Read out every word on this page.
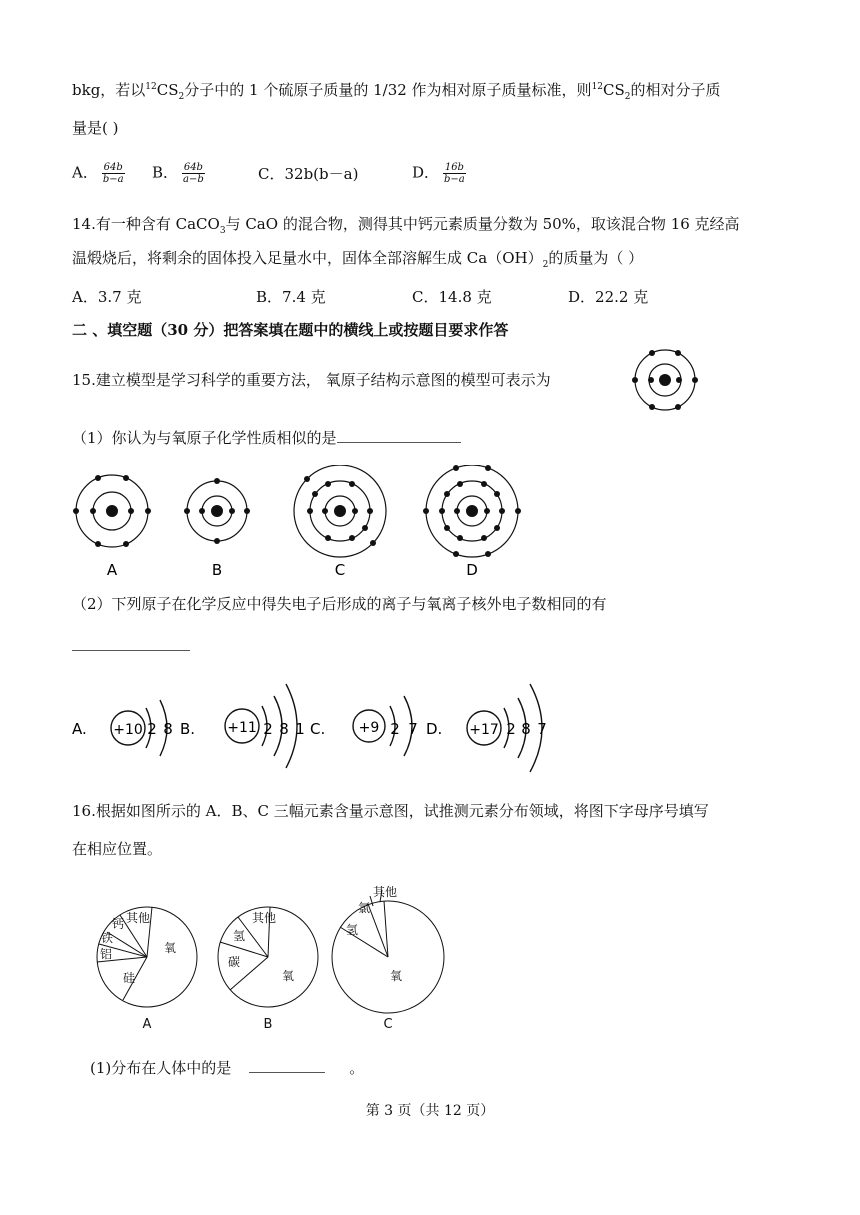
bkg，若以$^{12}CS_2$分子中的 1 个硫原子质量的 1/32 作为相对原子质量标准，则$^{12}CS_2$的相对分子质
量是( )
A． $\frac{64b}{b-a}$ B． $\frac{64b}{a-b}$	C．32b(b－a)	D． $\frac{16b}{b-a}$
14.有一种含有 CaCO$_3$与 CaO 的混合物，测得其中钙元素质量分数为 50%，取该混合物 16 克经高
温煅烧后，将剩余的固体投入足量水中，固体全部溶解生成 $Ca(OH)_2$的质量为（ ）
A．3.7 克	B．7.4 克	C．14.8 克	D．22.2 克
二 、填空题（30 分）把答案填在题中的横线上或按题目要求作答
15.建立模型是学习科学的重要方法， 氧原子结构示意图的模型可表示为
（1）你认为与氧原子化学性质相似的是
A	B	C	D
（2）下列原子在化学反应中得失电子后形成的离子与氧离子核外电子数相同的有
A. +10 2 8 B. +11 2 8 1 C. +9 2 7 D. +17 2 8 7
16.根据如图所示的 A．B、C 三幅元素含量示意图，试推测元素分布领域，将图下字母序号填写
在相应位置。
氧
硅
铝
铁
钙 其他
氧
碳
氢
其他
氧
氢
氯
其他
A	B	C
(1)分布在人体中的是	。
第 3 页（共 12 页）
